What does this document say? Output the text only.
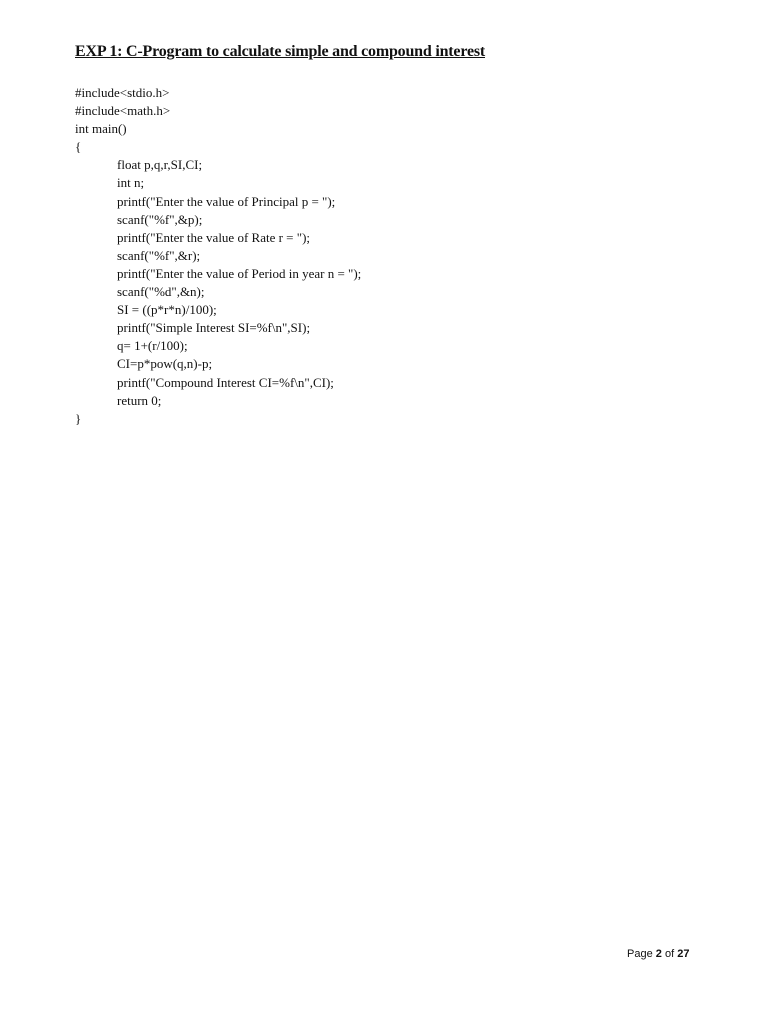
EXP 1: C-Program to calculate simple and compound interest
#include<stdio.h>
#include<math.h>
int main()
{
float p,q,r,SI,CI;
int n;
printf("Enter the value of Principal p = ");
scanf("%f",&p);
printf("Enter the value of Rate r = ");
scanf("%f",&r);
printf("Enter the value of Period in year n = ");
scanf("%d",&n);
SI = ((p*r*n)/100);
printf("Simple Interest SI=%f\n",SI);
q= 1+(r/100);
CI=p*pow(q,n)-p;
printf("Compound Interest CI=%f\n",CI);
return 0;
}
Page 2 of 27
